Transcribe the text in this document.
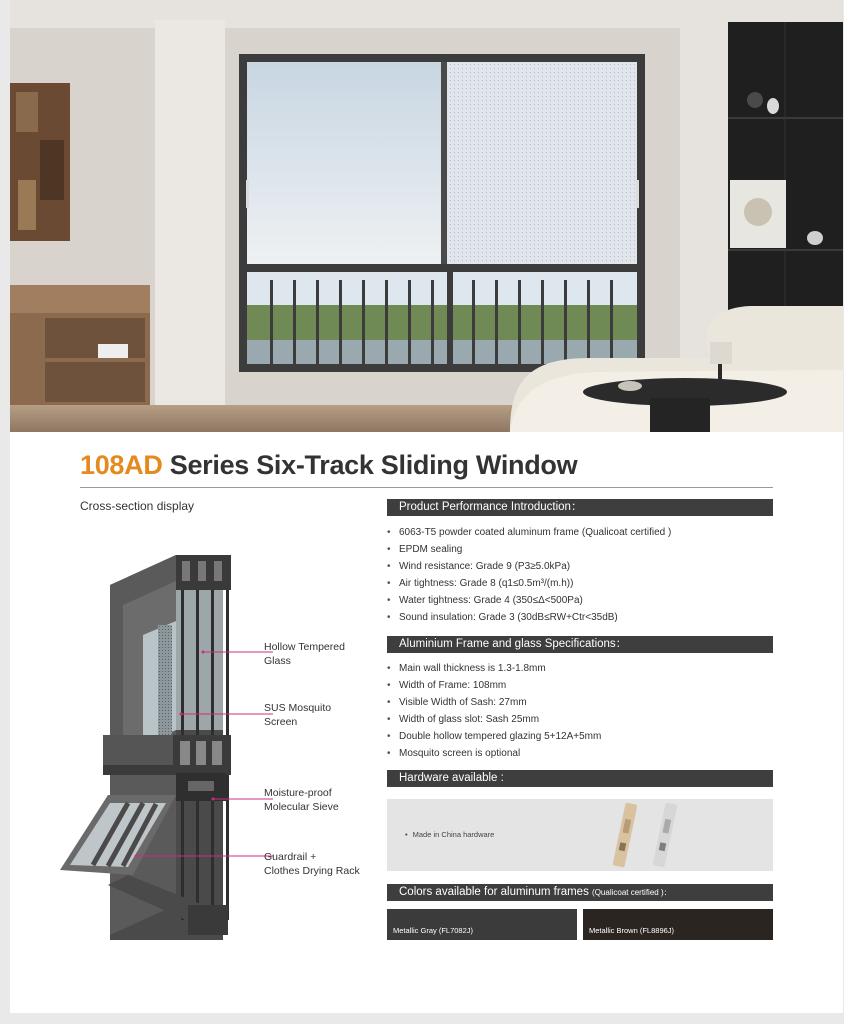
108AD Series Six-Track Sliding Window
Cross-section display
Hollow Tempered
Glass
SUS Mosquito
Screen
Moisture-proof
Molecular Sieve
Guardrail +
Clothes Drying Rack
Product Performance Introduction：
• 6063-T5 powder coated aluminum frame (Qualicoat certified )
• EPDM sealing
• Wind resistance: Grade 9 (P3≥5.0kPa)
• Air tightness: Grade 8 (q1≤0.5m³/(m.h))
• Water tightness: Grade 4 (350≤Δ<500Pa)
• Sound insulation: Grade 3 (30dB≤RW+Ctr<35dB)
Aluminium Frame and glass Specifications：
• Main wall thickness is 1.3-1.8mm
• Width of Frame: 108mm
• Visible Width of Sash: 27mm
• Width of glass slot: Sash 25mm
• Double hollow tempered glazing 5+12A+5mm
• Mosquito screen is optional
Hardware available :
• Made in China hardware
Colors available for aluminum frames (Qualicoat certified )：
Metallic Gray (FL7082J)	Metallic Brown (FL8896J)
